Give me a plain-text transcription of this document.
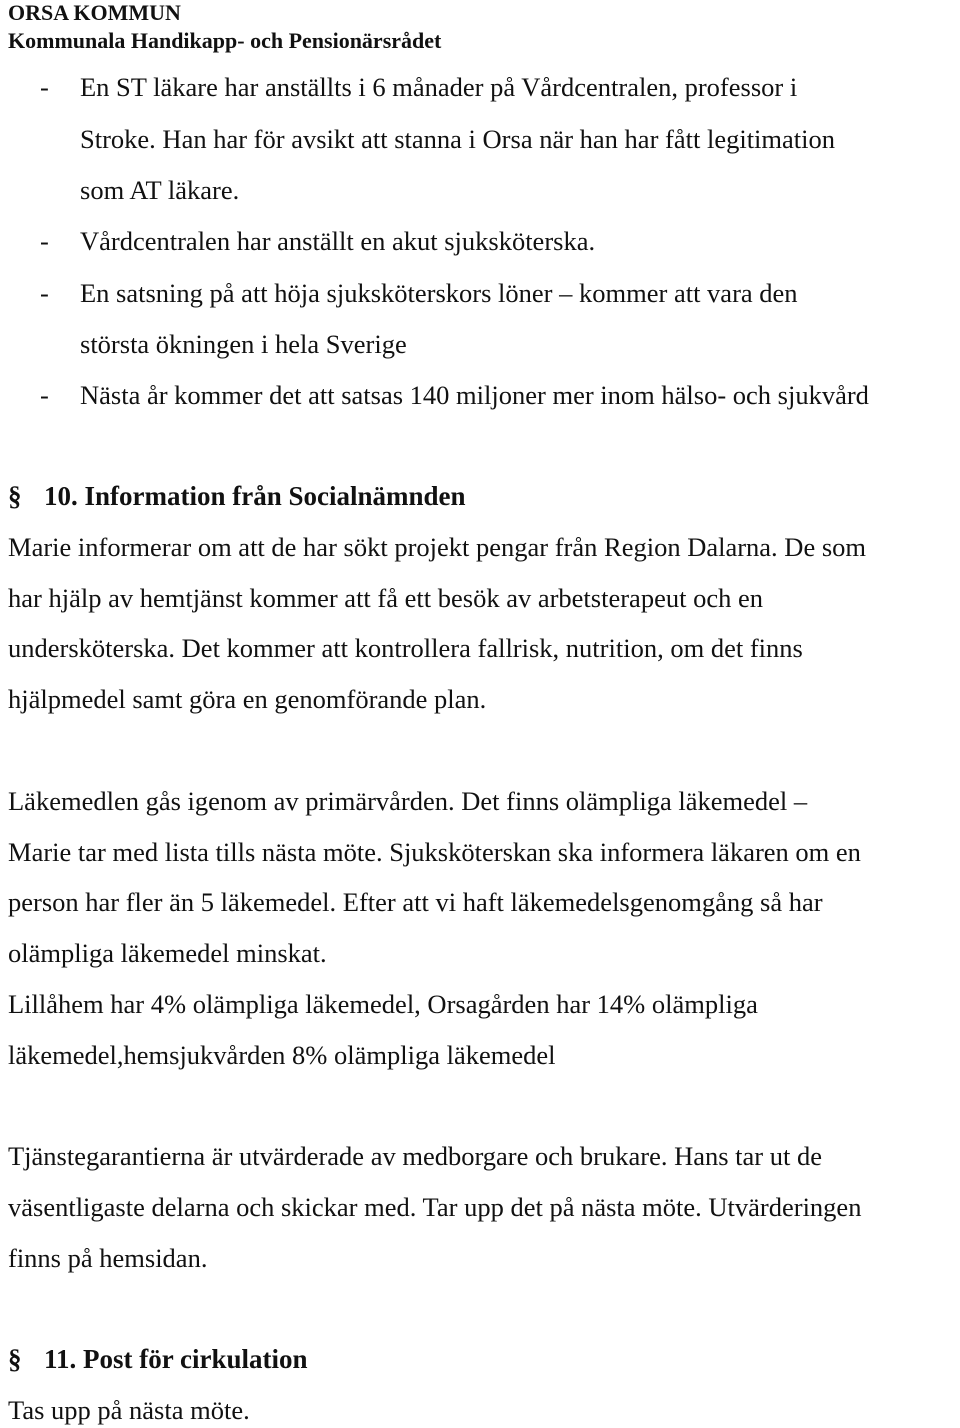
ORSA KOMMUN
Kommunala Handikapp- och Pensionärsrådet
- En ST läkare har anställts i 6 månader på Vårdcentralen, professor i
Stroke. Han har för avsikt att stanna i Orsa när han har fått legitimation
som AT läkare.
- Vårdcentralen har anställt en akut sjuksköterska.
- En satsning på att höja sjuksköterskors löner – kommer att vara den
största ökningen i hela Sverige
- Nästa år kommer det att satsas 140 miljoner mer inom hälso- och sjukvård
§ 10. Information från Socialnämnden
Marie informerar om att de har sökt projekt pengar från Region Dalarna. De som
har hjälp av hemtjänst kommer att få ett besök av arbetsterapeut och en
undersköterska. Det kommer att kontrollera fallrisk, nutrition, om det finns
hjälpmedel samt göra en genomförande plan.
Läkemedlen gås igenom av primärvården. Det finns olämpliga läkemedel –
Marie tar med lista tills nästa möte. Sjuksköterskan ska informera läkaren om en
person har fler än 5 läkemedel. Efter att vi haft läkemedelsgenomgång så har
olämpliga läkemedel minskat.
Lillåhem har 4% olämpliga läkemedel, Orsagården har 14% olämpliga
läkemedel,hemsjukvården 8% olämpliga läkemedel
Tjänstegarantierna är utvärderade av medborgare och brukare. Hans tar ut de
väsentligaste delarna och skickar med. Tar upp det på nästa möte. Utvärderingen
finns på hemsidan.
§ 11. Post för cirkulation
Tas upp på nästa möte.
